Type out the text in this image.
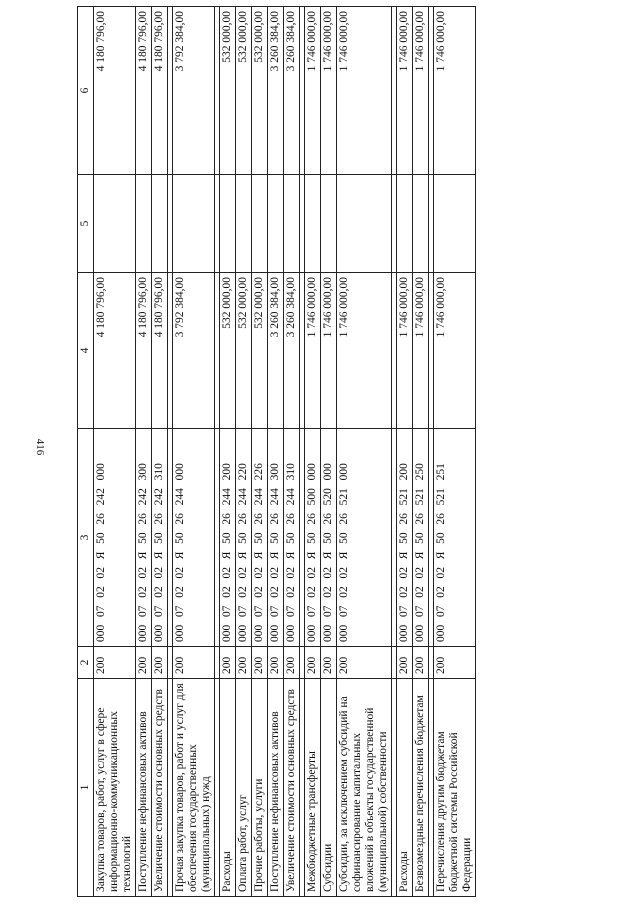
416
1	2	3	4	5	6
Закупка товаров, работ, услуг в сфере информационно-коммуникационных технологий	200	000  07  02  02  Я  50  26  242  000	4 180 796,00		4 180 796,00
Поступление нефинансовых активов	200	000  07  02  02  Я  50  26  242  300	4 180 796,00		4 180 796,00
Увеличение стоимости основных средств	200	000  07  02  02  Я  50  26  242  310	4 180 796,00		4 180 796,00

Прочая закупка товаров, работ и услуг для обеспечения государственных (муниципальных) нужд	200	000  07  02  02  Я  50  26  244  000	3 792 384,00		3 792 384,00

Расходы	200	000  07  02  02  Я  50  26  244  200	532 000,00		532 000,00
Оплата работ, услуг	200	000  07  02  02  Я  50  26  244  220	532 000,00		532 000,00
Прочие работы, услуги	200	000  07  02  02  Я  50  26  244  226	532 000,00		532 000,00
Поступление нефинансовых активов	200	000  07  02  02  Я  50  26  244  300	3 260 384,00		3 260 384,00
Увеличение стоимости основных средств	200	000  07  02  02  Я  50  26  244  310	3 260 384,00		3 260 384,00

Межбюджетные трансферты	200	000  07  02  02  Я  50  26  500  000	1 746 000,00		1 746 000,00
Субсидии	200	000  07  02  02  Я  50  26  520  000	1 746 000,00		1 746 000,00
Субсидии, за исключением субсидий на софинансирование капитальных вложений в объекты государственной (муниципальной) собственности	200	000  07  02  02  Я  50  26  521  000	1 746 000,00		1 746 000,00

Расходы	200	000  07  02  02  Я  50  26  521  200	1 746 000,00		1 746 000,00
Безвозмездные перечисления бюджетам	200	000  07  02  02  Я  50  26  521  250	1 746 000,00		1 746 000,00

Перечисления другим бюджетам бюджетной системы Российской Федерации	200	000  07  02  02  Я  50  26  521  251	1 746 000,00		1 746 000,00
